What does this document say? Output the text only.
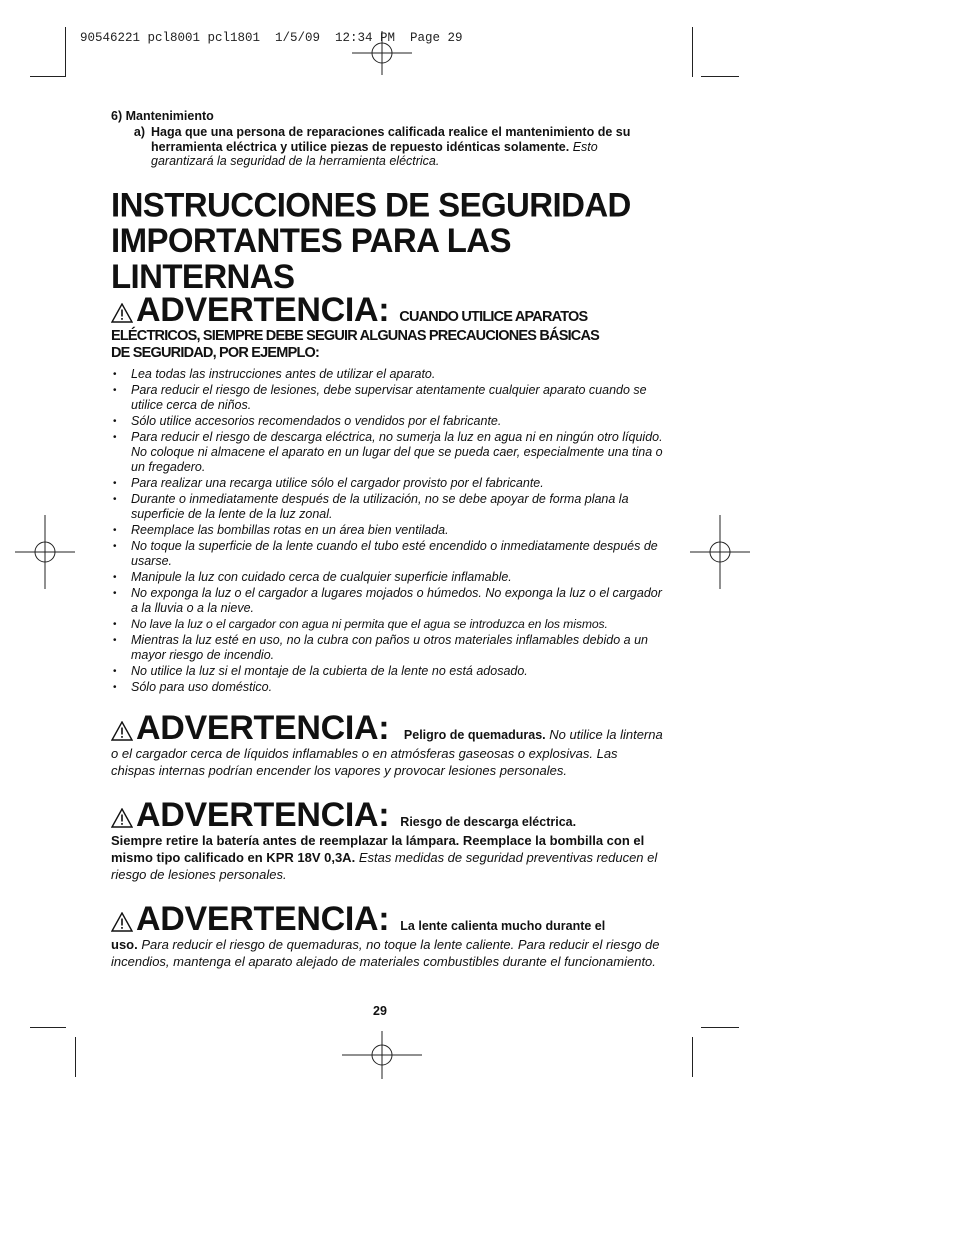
90546221 pcl8001 pcl1801  1/5/09  12:34 PM  Page 29
6) Mantenimiento
a) Haga que una persona de reparaciones calificada realice el mantenimiento de su herramienta eléctrica y utilice piezas de repuesto idénticas solamente. Esto garantizará la seguridad de la herramienta eléctrica.
INSTRUCCIONES DE SEGURIDAD
IMPORTANTES PARA LAS
LINTERNAS
ADVERTENCIA: CUANDO UTILICE APARATOS
ELÉCTRICOS, SIEMPRE DEBE SEGUIR ALGUNAS PRECAUCIONES BÁSICAS
DE SEGURIDAD, POR EJEMPLO:
• Lea todas las instrucciones antes de utilizar el aparato.
• Para reducir el riesgo de lesiones, debe supervisar atentamente cualquier aparato cuando se utilice cerca de niños.
• Sólo utilice accesorios recomendados o vendidos por el fabricante.
• Para reducir el riesgo de descarga eléctrica, no sumerja la luz en agua ni en ningún otro líquido. No coloque ni almacene el aparato en un lugar del que se pueda caer, especialmente una tina o un fregadero.
• Para realizar una recarga utilice sólo el cargador provisto por el fabricante.
• Durante o inmediatamente después de la utilización, no se debe apoyar de forma plana la superficie de la lente de la luz zonal.
• Reemplace las bombillas rotas en un área bien ventilada.
• No toque la superficie de la lente cuando el tubo esté encendido o inmediatamente después de usarse.
• Manipule la luz con cuidado cerca de cualquier superficie inflamable.
• No exponga la luz o el cargador a lugares mojados o húmedos. No exponga la luz o el cargador a la lluvia o a la nieve.
• No lave la luz o el cargador con agua ni permita que el agua se introduzca en los mismos.
• Mientras la luz esté en uso, no la cubra con paños u otros materiales inflamables debido a un mayor riesgo de incendio.
• No utilice la luz si el montaje de la cubierta de la lente no está adosado.
• Sólo para uso doméstico.
ADVERTENCIA: Peligro de quemaduras. No utilice la linterna o el cargador cerca de líquidos inflamables o en atmósferas gaseosas o explosivas. Las chispas internas podrían encender los vapores y provocar lesiones personales.
ADVERTENCIA: Riesgo de descarga eléctrica.
Siempre retire la batería antes de reemplazar la lámpara. Reemplace la bombilla con el mismo tipo calificado en KPR 18V 0,3A. Estas medidas de seguridad preventivas reducen el riesgo de lesiones personales.
ADVERTENCIA: La lente calienta mucho durante el
uso. Para reducir el riesgo de quemaduras, no toque la lente caliente. Para reducir el riesgo de incendios, mantenga el aparato alejado de materiales combustibles durante el funcionamiento.
29
